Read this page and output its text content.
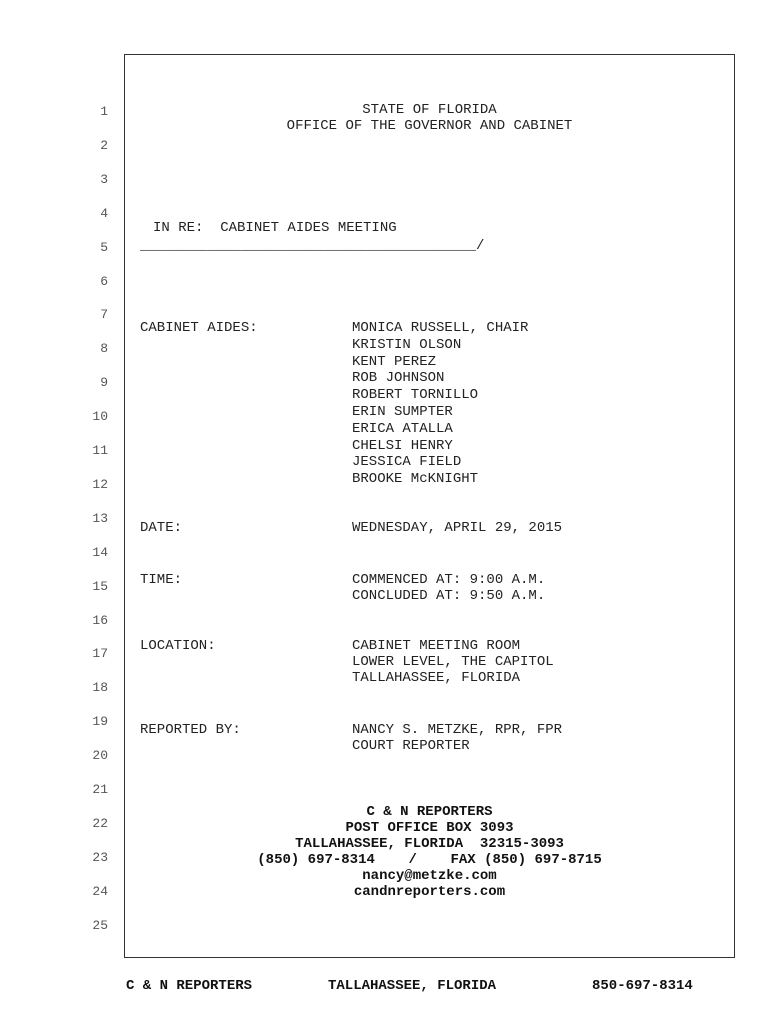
1
2
3
4
5
6
7
8
9
10
11
12
13
14
15
16
17
18
19
20
21
22
23
24
25
STATE OF FLORIDA
OFFICE OF THE GOVERNOR AND CABINET
IN RE:  CABINET AIDES MEETING
________________________________________/
CABINET AIDES:	MONICA RUSSELL, CHAIR
KRISTIN OLSON
KENT PEREZ
ROB JOHNSON
ROBERT TORNILLO
ERIN SUMPTER
ERICA ATALLA
CHELSI HENRY
JESSICA FIELD
BROOKE McKNIGHT
DATE:	WEDNESDAY, APRIL 29, 2015
TIME:	COMMENCED AT: 9:00 A.M.
CONCLUDED AT: 9:50 A.M.
LOCATION:	CABINET MEETING ROOM
LOWER LEVEL, THE CAPITOL
TALLAHASSEE, FLORIDA
REPORTED BY:	NANCY S. METZKE, RPR, FPR
COURT REPORTER
C & N REPORTERS
POST OFFICE BOX 3093
TALLAHASSEE, FLORIDA  32315-3093
(850) 697-8314    /    FAX (850) 697-8715
nancy@metzke.com
candnreporters.com
C & N REPORTERS	TALLAHASSEE, FLORIDA	850-697-8314
